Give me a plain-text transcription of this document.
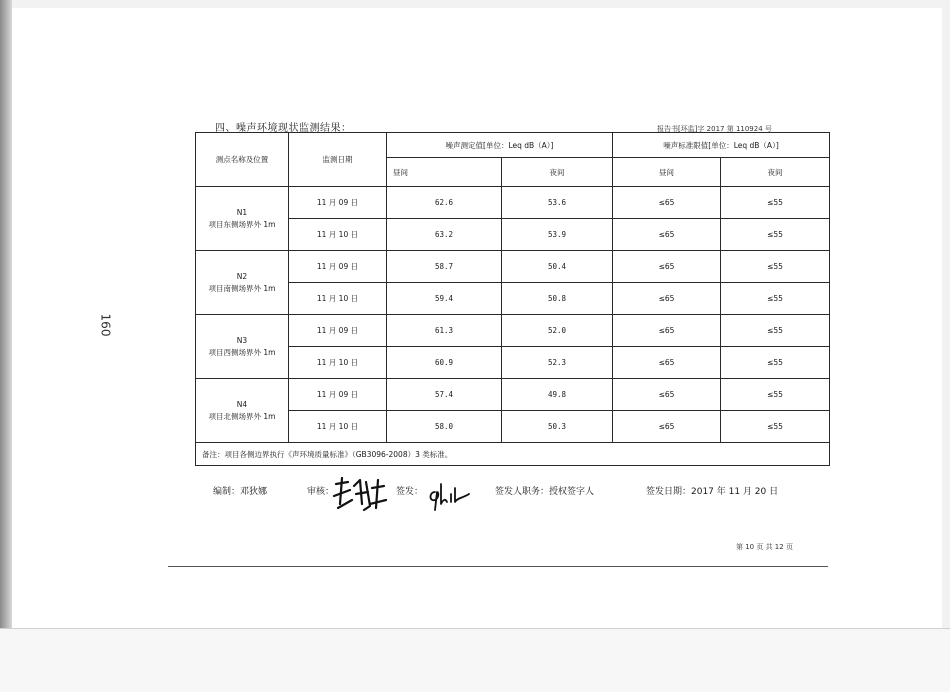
160
四、噪声环境现状监测结果：	报告书[环监]字 2017 第 110924 号
测点名称及位置	监测日期	噪声测定值[单位：Leq dB（A）]		噪声标准限值[单位：Leq dB（A）]	
		昼间	夜间	昼间	夜间

N1
项目东侧场界外 1m	11 月 09 日	62.6	53.6	≤65	≤55
	11 月 10 日	63.2	53.9	≤65	≤55

N2
项目南侧场界外 1m	11 月 09 日	58.7	50.4	≤65	≤55
	11 月 10 日	59.4	50.8	≤65	≤55

N3
项目西侧场界外 1m	11 月 09 日	61.3	52.0	≤65	≤55
	11 月 10 日	60.9	52.3	≤65	≤55

N4
项目北侧场界外 1m	11 月 09 日	57.4	49.8	≤65	≤55
	11 月 10 日	58.0	50.3	≤65	≤55
备注：项目各侧边界执行《声环境质量标准》（GB3096-2008）3 类标准。					
编制：邓狄娜	审核：	签发：	签发人职务：授权签字人	签发日期：2017 年 11 月 20 日
第 10 页 共 12 页
